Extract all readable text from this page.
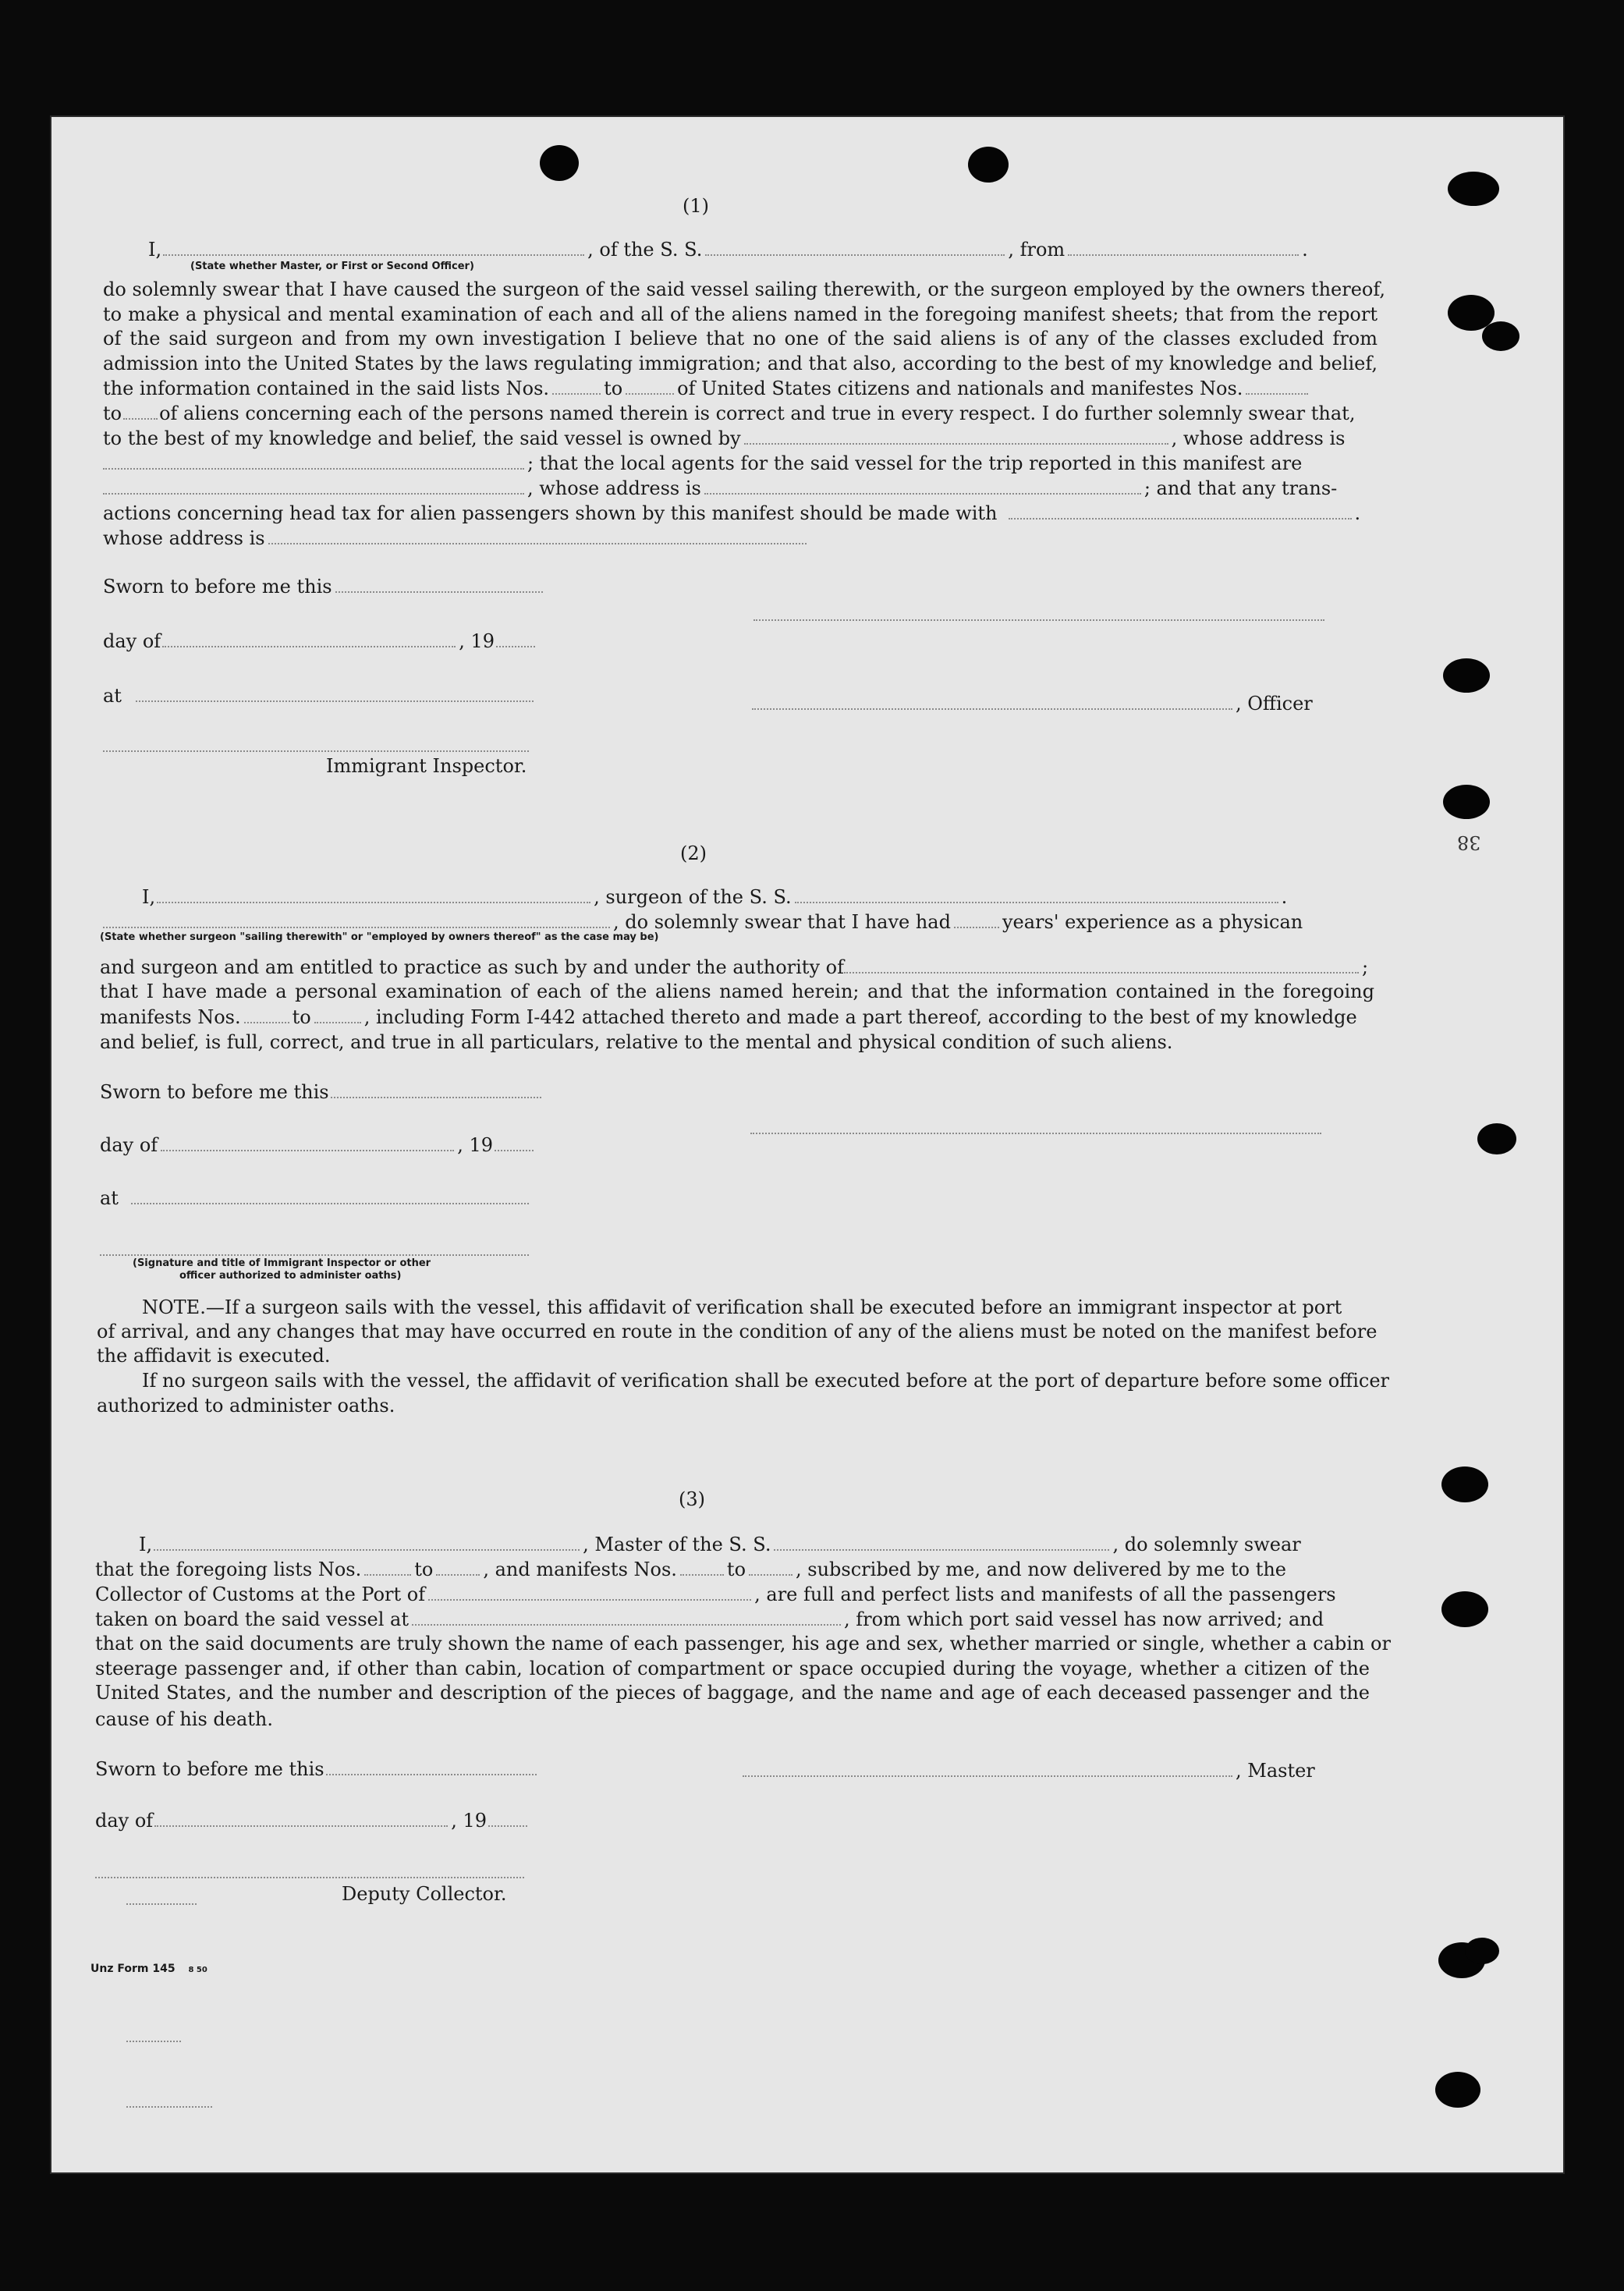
(1)
I,	, of the S. S.	, from	.
(State whether Master, or First or Second Officer)
do solemnly swear that I have caused the surgeon of the said vessel sailing therewith, or the surgeon employed by the owners thereof,
to make a physical and mental examination of each and all of the aliens named in the foregoing manifest sheets; that from the report
of the said surgeon and from my own investigation I believe that no one of the said aliens is of any of the classes excluded from
admission into the United States by the laws regulating immigration; and that also, according to the best of my knowledge and belief,
the information contained in the said lists Nos.	to	of United States citizens and nationals and manifestes Nos.
to of aliens concerning each of the persons named therein is correct and true in every respect. I do further solemnly swear that,
to the best of my knowledge and belief, the said vessel is owned by	, whose address is
; that the local agents for the said vessel for the trip reported in this manifest are
, whose address is	; and that any trans-
actions concerning head tax for alien passengers shown by this manifest should be made with	.
whose address is
Sworn to before me this
day of	, 19
at	, Officer
Immigrant Inspector.
(2)
I,	, surgeon of the S. S.	.
, do solemnly swear that I have had	years' experience as a physican
(State whether surgeon "sailing therewith" or "employed by owners thereof" as the case may be)
and surgeon and am entitled to practice as such by and under the authority of	;
that I have made a personal examination of each of the aliens named herein; and that the information contained in the foregoing
manifests Nos.	to	, including Form I-442 attached thereto and made a part thereof, according to the best of my knowledge
and belief, is full, correct, and true in all particulars, relative to the mental and physical condition of such aliens.
Sworn to before me this
day of	, 19
at
(Signature and title of Immigrant Inspector or other
officer authorized to administer oaths)
NOTE.—If a surgeon sails with the vessel, this affidavit of verification shall be executed before an immigrant inspector at port
of arrival, and any changes that may have occurred en route in the condition of any of the aliens must be noted on the manifest before
the affidavit is executed.
If no surgeon sails with the vessel, the affidavit of verification shall be executed before at the port of departure before some officer
authorized to administer oaths.
(3)
I,	, Master of the S. S.	, do solemnly swear
that the foregoing lists Nos.	to	, and manifests Nos.	to	, subscribed by me, and now delivered by me to the
Collector of Customs at the Port of	, are full and perfect lists and manifests of all the passengers
taken on board the said vessel at	, from which port said vessel has now arrived; and
that on the said documents are truly shown the name of each passenger, his age and sex, whether married or single, whether a cabin or
steerage passenger and, if other than cabin, location of compartment or space occupied during the voyage, whether a citizen of the
United States, and the number and description of the pieces of baggage, and the name and age of each deceased passenger and the
cause of his death.
Sworn to before me this	, Master
day of	, 19
Deputy Collector.
Unz Form 145 8 50
38
